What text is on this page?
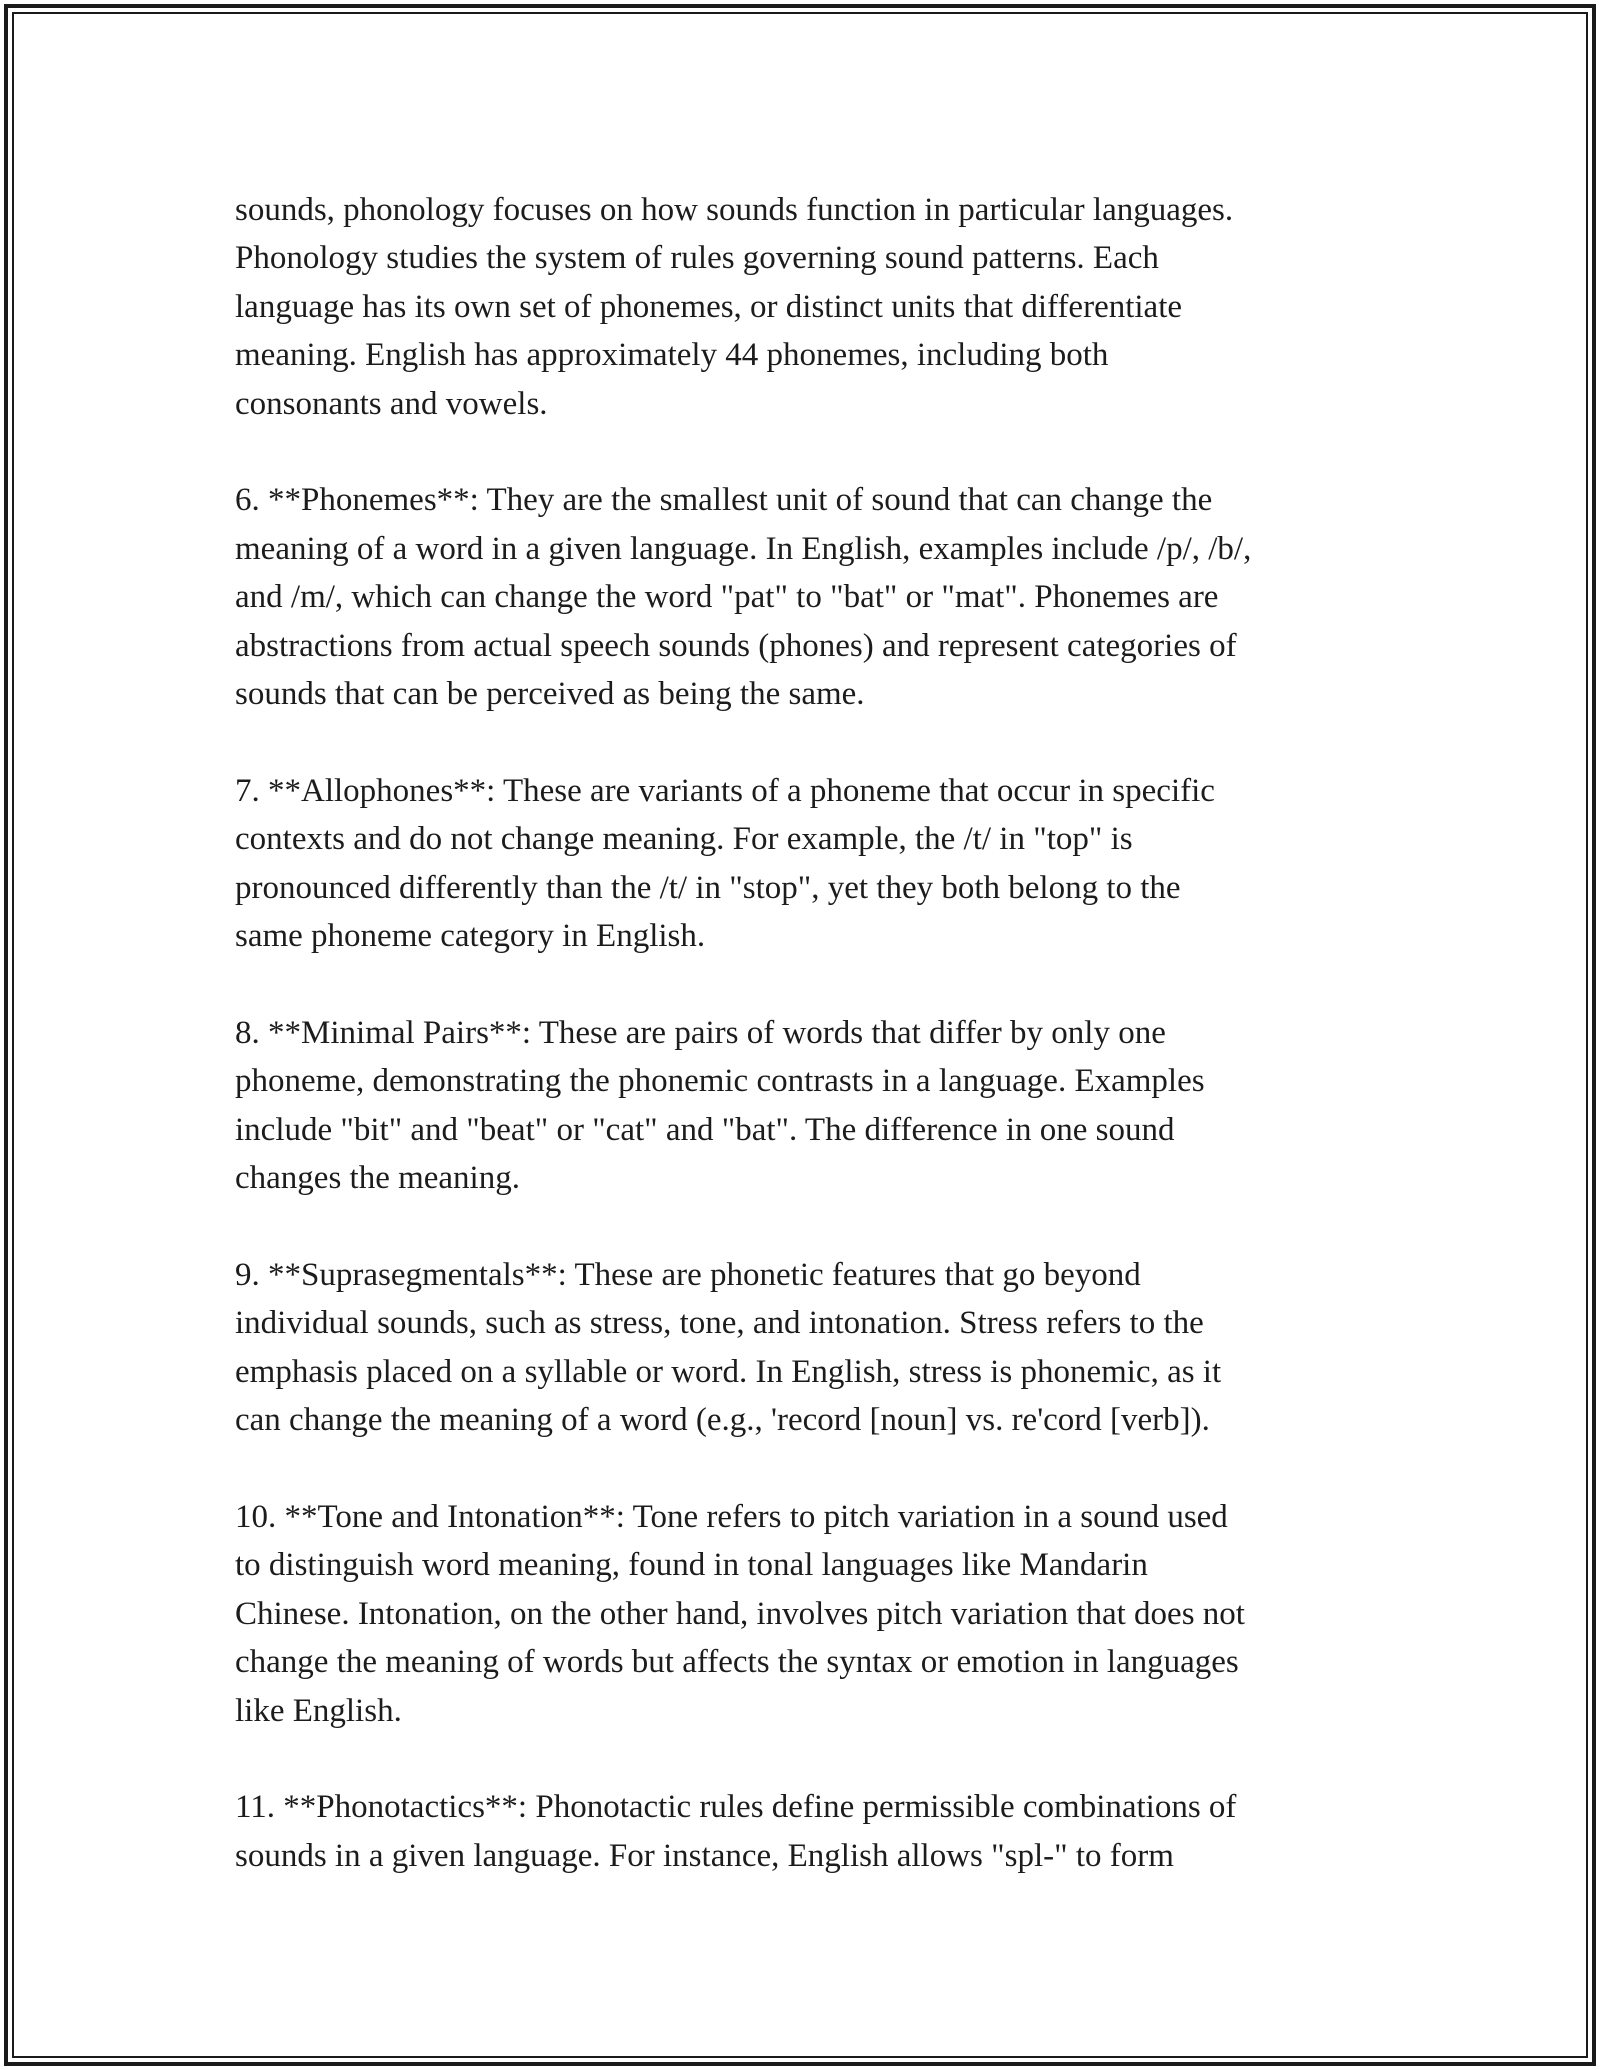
sounds, phonology focuses on how sounds function in particular languages.
Phonology studies the system of rules governing sound patterns. Each
language has its own set of phonemes, or distinct units that differentiate
meaning. English has approximately 44 phonemes, including both
consonants and vowels.
6. **Phonemes**: They are the smallest unit of sound that can change the
meaning of a word in a given language. In English, examples include /p/, /b/,
and /m/, which can change the word "pat" to "bat" or "mat". Phonemes are
abstractions from actual speech sounds (phones) and represent categories of
sounds that can be perceived as being the same.
7. **Allophones**: These are variants of a phoneme that occur in specific
contexts and do not change meaning. For example, the /t/ in "top" is
pronounced differently than the /t/ in "stop", yet they both belong to the
same phoneme category in English.
8. **Minimal Pairs**: These are pairs of words that differ by only one
phoneme, demonstrating the phonemic contrasts in a language. Examples
include "bit" and "beat" or "cat" and "bat". The difference in one sound
changes the meaning.
9. **Suprasegmentals**: These are phonetic features that go beyond
individual sounds, such as stress, tone, and intonation. Stress refers to the
emphasis placed on a syllable or word. In English, stress is phonemic, as it
can change the meaning of a word (e.g., 'record [noun] vs. re'cord [verb]).
10. **Tone and Intonation**: Tone refers to pitch variation in a sound used
to distinguish word meaning, found in tonal languages like Mandarin
Chinese. Intonation, on the other hand, involves pitch variation that does not
change the meaning of words but affects the syntax or emotion in languages
like English.
11. **Phonotactics**: Phonotactic rules define permissible combinations of
sounds in a given language. For instance, English allows "spl-" to form
